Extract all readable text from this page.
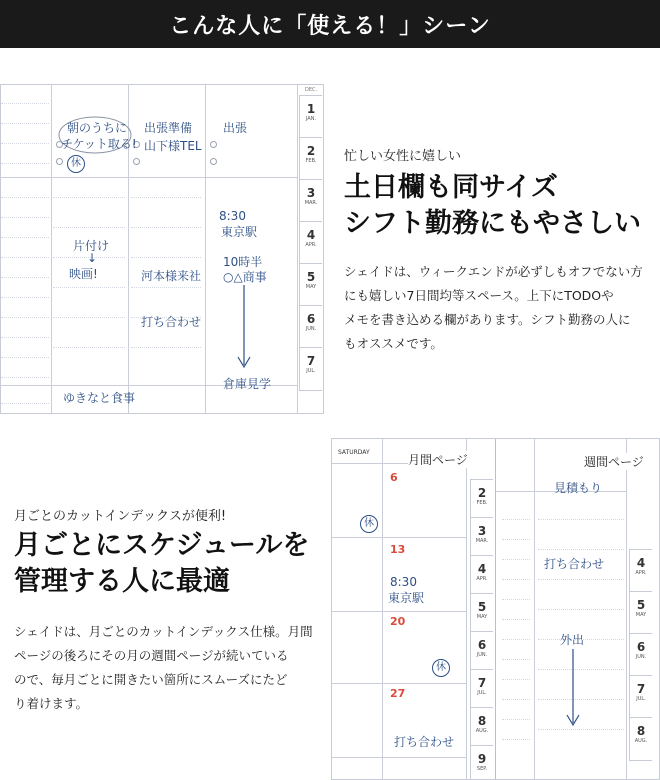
こんな人に「使える！」シーン
朝のうちに
チケット取る!
休
出張準備
山下様TEL
出張
8:30
東京駅
片付け
↓
映画!	河本様来社
10時半
○△商事
打ち合わせ
倉庫見学
ゆきなと食事
DEC.
1
JAN.
2
FEB.
3
MAR.
4
APR.
5
MAY
6
JUN.
7
JUL.
忙しい女性に嬉しい
土日欄も同サイズ
シフト勤務にもやさしい
シェイドは、ウィークエンドが必ずしもオフでない方
にも嬉しい7日間均等スペース。上下にTODOや
メモを書き込める欄があります。シフト勤務の人に
もオススメです。
月ごとのカットインデックスが便利!
月ごとにスケジュールを
管理する人に最適
シェイドは、月ごとのカットインデックス仕様。月間
ページの後ろにその月の週間ページが続いている
ので、毎月ごとに開きたい箇所にスムーズにたど
り着けます。
SATURDAY
6
13
20
27
休
8:30
東京駅
休
打ち合わせ
月間ページ
2
FEB.
3
MAR.
4
APR.
5
MAY
6
JUN.
7
JUL.
8
AUG.
9
SEP.
週間ページ
見積もり
打ち合わせ
外出
4
APR.
5
MAY
6
JUN.
7
JUL.
8
AUG.
